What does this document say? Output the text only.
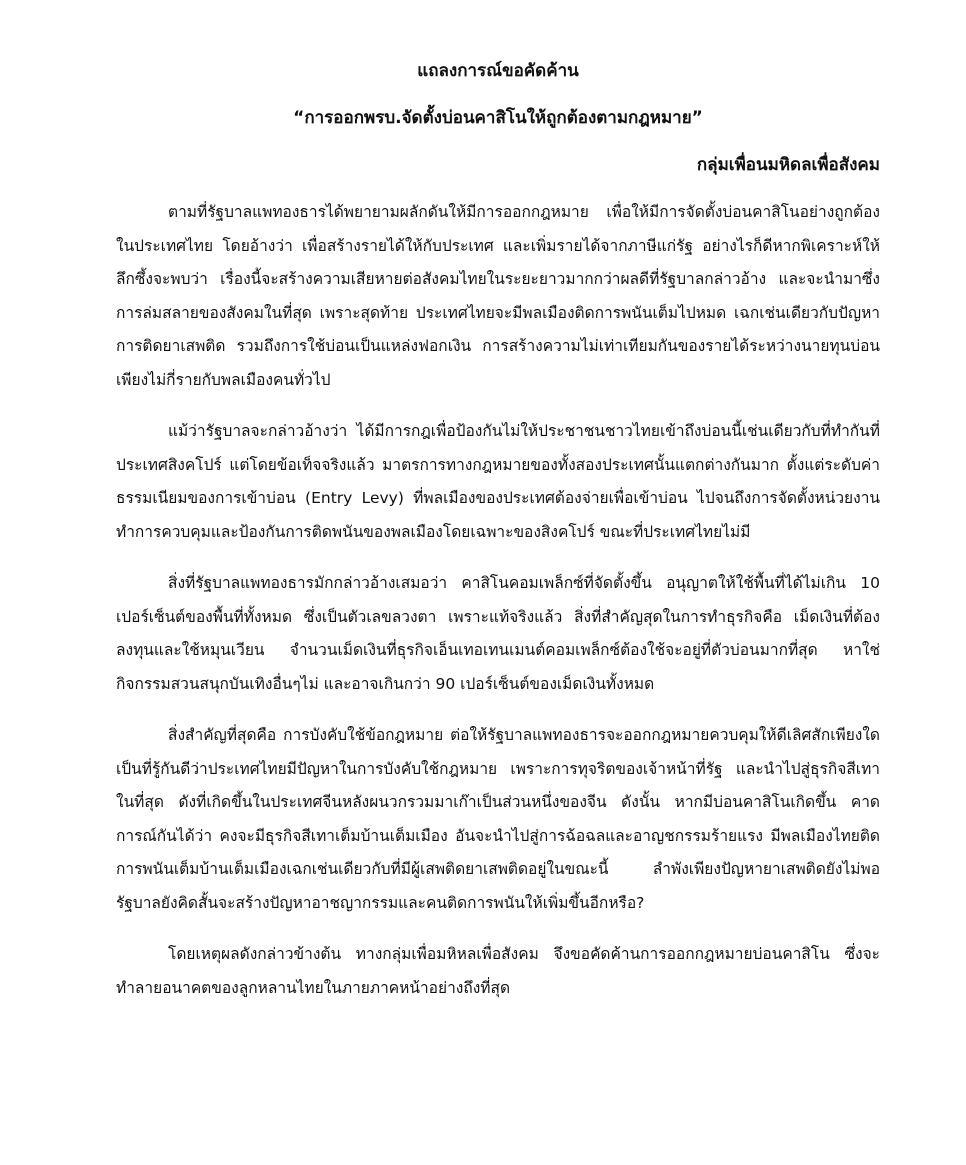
แถลงการณ์ขอคัดค้าน
“การออกพรบ.จัดตั้งบ่อนคาสิโนให้ถูกต้องตามกฎหมาย”
กลุ่มเพื่อนมหิดลเพื่อสังคม

ตามที่รัฐบาลแพทองธารได้พยายามผลักดันให้มีการออกกฎหมาย เพื่อให้มีการจัดตั้งบ่อนคาสิโนอย่างถูกต้องในประเทศไทย โดยอ้างว่า เพื่อสร้างรายได้ให้กับประเทศ และเพิ่มรายได้จากภาษีแก่รัฐ อย่างไรก็ดีหากพิเคราะห์ให้ลึกซึ้งจะพบว่า เรื่องนี้จะสร้างความเสียหายต่อสังคมไทยในระยะยาวมากกว่าผลดีที่รัฐบาลกล่าวอ้าง และจะนำมาซึ่งการล่มสลายของสังคมในที่สุด เพราะสุดท้าย ประเทศไทยจะมีพลเมืองติดการพนันเต็มไปหมด เฉกเช่นเดียวกับปัญหาการติดยาเสพติด รวมถึงการใช้บ่อนเป็นแหล่งฟอกเงิน การสร้างความไม่เท่าเทียมกันของรายได้ระหว่างนายทุนบ่อนเพียงไม่กี่รายกับพลเมืองคนทั่วไป

แม้ว่ารัฐบาลจะกล่าวอ้างว่า ได้มีการกฎเพื่อป้องกันไม่ให้ประชาชนชาวไทยเข้าถึงบ่อนนี้เช่นเดียวกับที่ทำกันที่ประเทศสิงคโปร์ แต่โดยข้อเท็จจริงแล้ว มาตรการทางกฎหมายของทั้งสองประเทศนั้นแตกต่างกันมาก ตั้งแต่ระดับค่าธรรมเนียมของการเข้าบ่อน (Entry Levy) ที่พลเมืองของประเทศต้องจ่ายเพื่อเข้าบ่อน ไปจนถึงการจัดตั้งหน่วยงานทำการควบคุมและป้องกันการติดพนันของพลเมืองโดยเฉพาะของสิงคโปร์ ขณะที่ประเทศไทยไม่มี

สิ่งที่รัฐบาลแพทองธารมักกล่าวอ้างเสมอว่า คาสิโนคอมเพล็กซ์ที่จัดตั้งขึ้น อนุญาตให้ใช้พื้นที่ได้ไม่เกิน 10 เปอร์เซ็นต์ของพื้นที่ทั้งหมด ซึ่งเป็นตัวเลขลวงตา เพราะแท้จริงแล้ว สิ่งที่สำคัญสุดในการทำธุรกิจคือ เม็ดเงินที่ต้องลงทุนและใช้หมุนเวียน จำนวนเม็ดเงินที่ธุรกิจเอ็นเทอเทนเมนต์คอมเพล็กซ์ต้องใช้จะอยู่ที่ตัวบ่อนมากที่สุด หาใช่กิจกรรมสวนสนุกบันเทิงอื่นๆไม่ และอาจเกินกว่า 90 เปอร์เซ็นต์ของเม็ดเงินทั้งหมด

สิ่งสำคัญที่สุดคือ การบังคับใช้ข้อกฎหมาย ต่อให้รัฐบาลแพทองธารจะออกกฎหมายควบคุมให้ดีเลิศสักเพียงใด เป็นที่รู้กันดีว่าประเทศไทยมีปัญหาในการบังคับใช้กฎหมาย เพราะการทุจริตของเจ้าหน้าที่รัฐ และนำไปสู่ธุรกิจสีเทาในที่สุด ดังที่เกิดขึ้นในประเทศจีนหลังผนวกรวมมาเก๊าเป็นส่วนหนึ่งของจีน ดังนั้น หากมีบ่อนคาสิโนเกิดขึ้น คาดการณ์กันได้ว่า คงจะมีธุรกิจสีเทาเต็มบ้านเต็มเมือง อันจะนำไปสู่การฉ้อฉลและอาญชกรรมร้ายแรง มีพลเมืองไทยติดการพนันเต็มบ้านเต็มเมืองเฉกเช่นเดียวกับที่มีผู้เสพติดยาเสพติดอยู่ในขณะนี้ ลำพังเพียงปัญหายาเสพติดยังไม่พอ รัฐบาลยังคิดสั้นจะสร้างปัญหาอาชญากรรมและคนติดการพนันให้เพิ่มขึ้นอีกหรือ?

โดยเหตุผลดังกล่าวข้างต้น ทางกลุ่มเพื่อมหิหลเพื่อสังคม จึงขอคัดค้านการออกกฎหมายบ่อนคาสิโน ซึ่งจะทำลายอนาคตของลูกหลานไทยในภายภาคหน้าอย่างถึงที่สุด
